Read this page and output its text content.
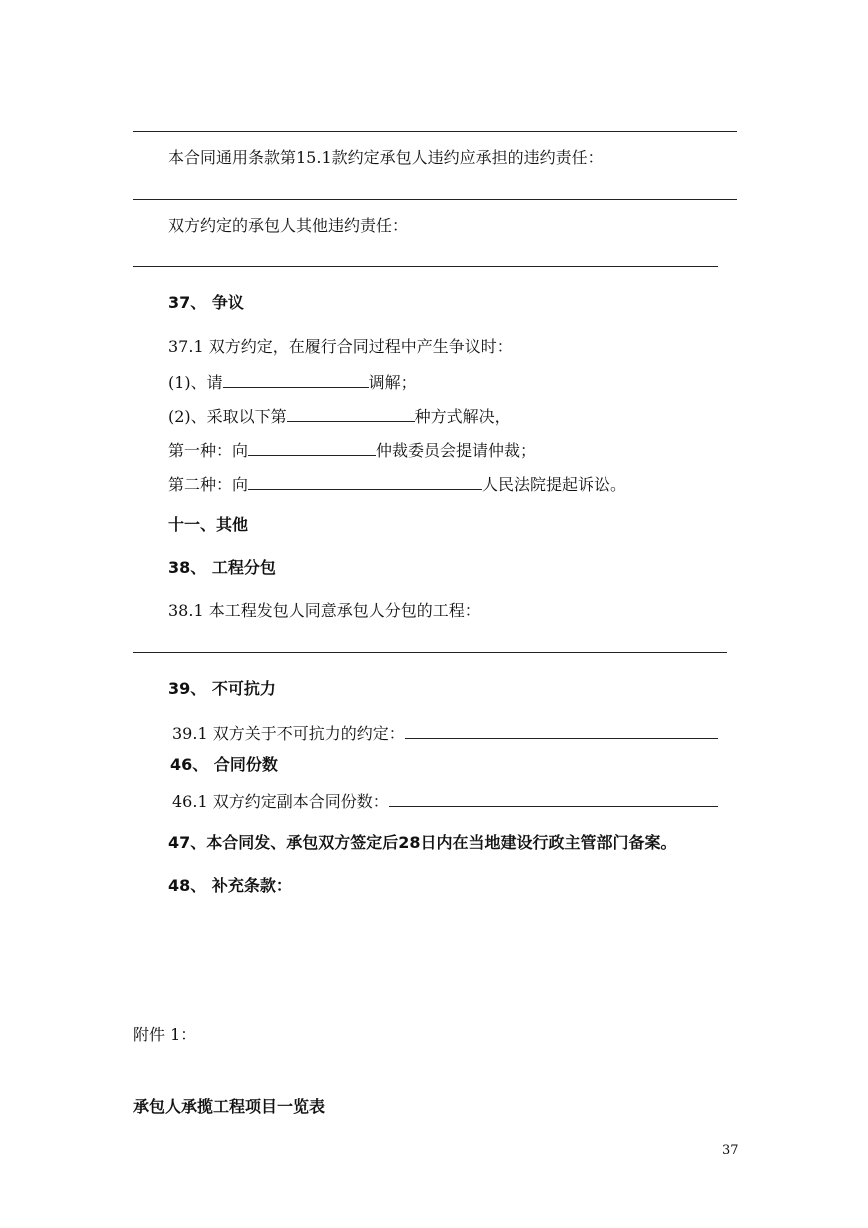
本合同通用条款第15.1款约定承包人违约应承担的违约责任：
双方约定的承包人其他违约责任：
37、 争议
37.1 双方约定，在履行合同过程中产生争议时：
(1)、请	调解；
(2)、采取以下第	种方式解决，
第一种：向	仲裁委员会提请仲裁；
第二种：向	人民法院提起诉讼。
十一、其他
38、 工程分包
38.1 本工程发包人同意承包人分包的工程：
39、 不可抗力
39.1 双方关于不可抗力的约定：
46、 合同份数
46.1 双方约定副本合同份数：
47、本合同发、承包双方签定后28日内在当地建设行政主管部门备案。
48、 补充条款：
附件 1：
承包人承揽工程项目一览表
37
